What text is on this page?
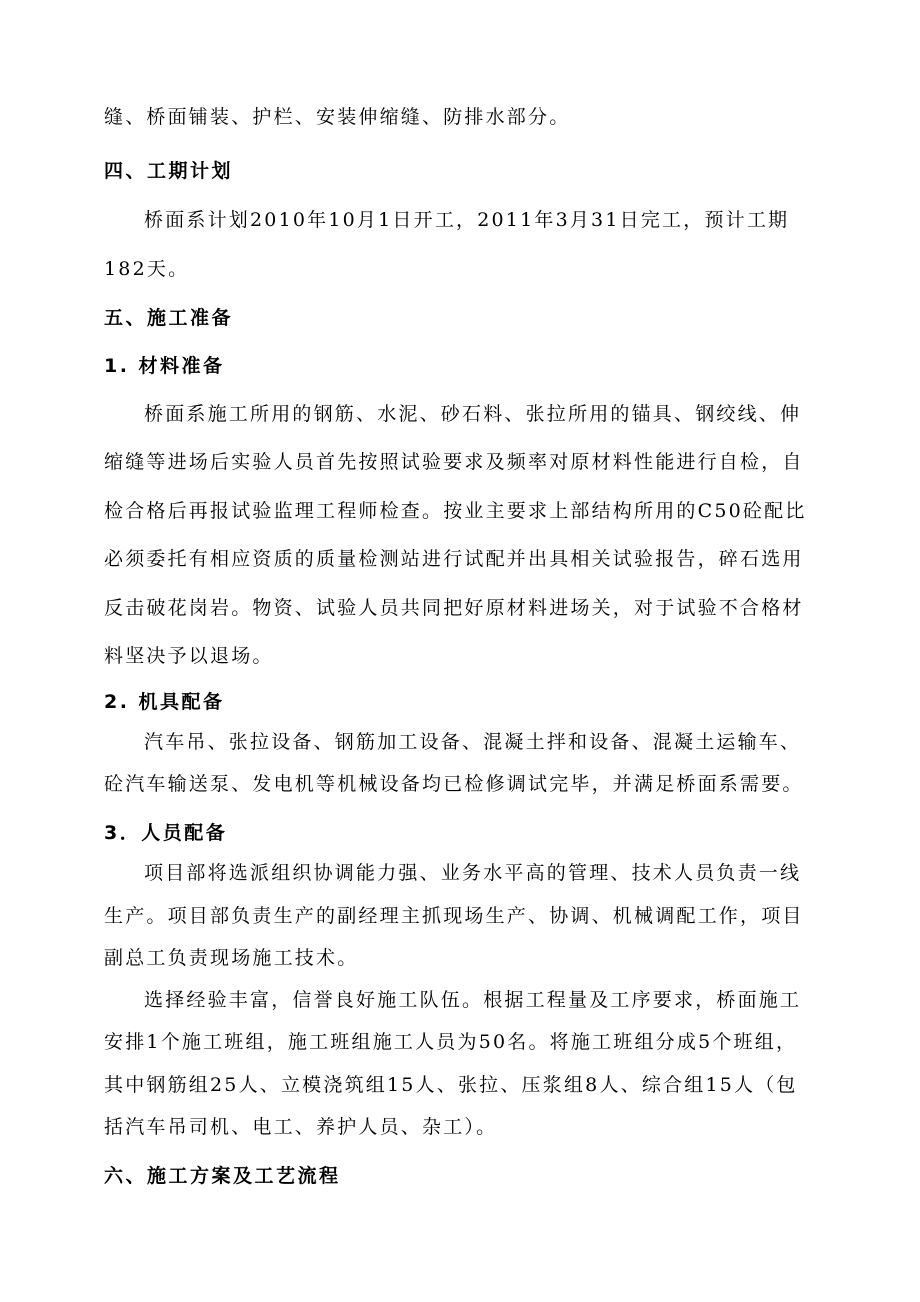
缝、桥面铺装、护栏、安装伸缩缝、防排水部分。
四、工期计划
桥面系计划2010年10月1日开工，2011年3月31日完工，预计工期
182天。
五、施工准备
1. 材料准备
桥面系施工所用的钢筋、水泥、砂石料、张拉所用的锚具、钢绞线、伸
缩缝等进场后实验人员首先按照试验要求及频率对原材料性能进行自检，自
检合格后再报试验监理工程师检查。按业主要求上部结构所用的C50砼配比
必须委托有相应资质的质量检测站进行试配并出具相关试验报告，碎石选用
反击破花岗岩。物资、试验人员共同把好原材料进场关，对于试验不合格材
料坚决予以退场。
2. 机具配备
汽车吊、张拉设备、钢筋加工设备、混凝土拌和设备、混凝土运输车、
砼汽车输送泵、发电机等机械设备均已检修调试完毕，并满足桥面系需要。
3．人员配备
项目部将选派组织协调能力强、业务水平高的管理、技术人员负责一线
生产。项目部负责生产的副经理主抓现场生产、协调、机械调配工作，项目
副总工负责现场施工技术。
选择经验丰富，信誉良好施工队伍。根据工程量及工序要求，桥面施工
安排1个施工班组，施工班组施工人员为50名。将施工班组分成5个班组，
其中钢筋组25人、立模浇筑组15人、张拉、压浆组8人、综合组15人（包
括汽车吊司机、电工、养护人员、杂工）。
六、施工方案及工艺流程
